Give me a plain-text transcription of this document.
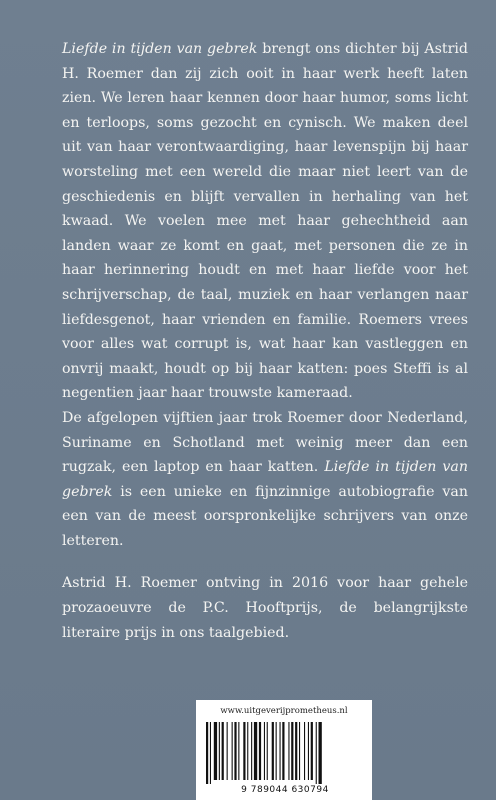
Liefde in tijden van gebrek brengt ons dichter bij Astrid H. Roemer dan zij zich ooit in haar werk heeft laten zien. We leren haar kennen door haar humor, soms licht en terloops, soms gezocht en cynisch. We maken deel uit van haar verontwaardiging, haar levenspijn bij haar worsteling met een wereld die maar niet leert van de geschiedenis en blijft vervallen in herhaling van het kwaad. We voelen mee met haar gehechtheid aan landen waar ze komt en gaat, met personen die ze in haar herinnering houdt en met haar liefde voor het schrijverschap, de taal, muziek en haar verlangen naar liefdesgenot, haar vrienden en familie. Roemers vrees voor alles wat corrupt is, wat haar kan vastleggen en onvrij maakt, houdt op bij haar katten: poes Steffi is al negentien jaar haar trouwste kameraad.

De afgelopen vijftien jaar trok Roemer door Nederland, Suriname en Schotland met weinig meer dan een rugzak, een laptop en haar katten. Liefde in tijden van gebrek is een unieke en fijnzinnige autobiografie van een van de meest oorspronkelijke schrijvers van onze letteren.

Astrid H. Roemer ontving in 2016 voor haar gehele prozaoeuvre de P.C. Hooftprijs, de belangrijkste literaire prijs in ons taalgebied.

www.uitgeverijprometheus.nl
9 789044 630794
